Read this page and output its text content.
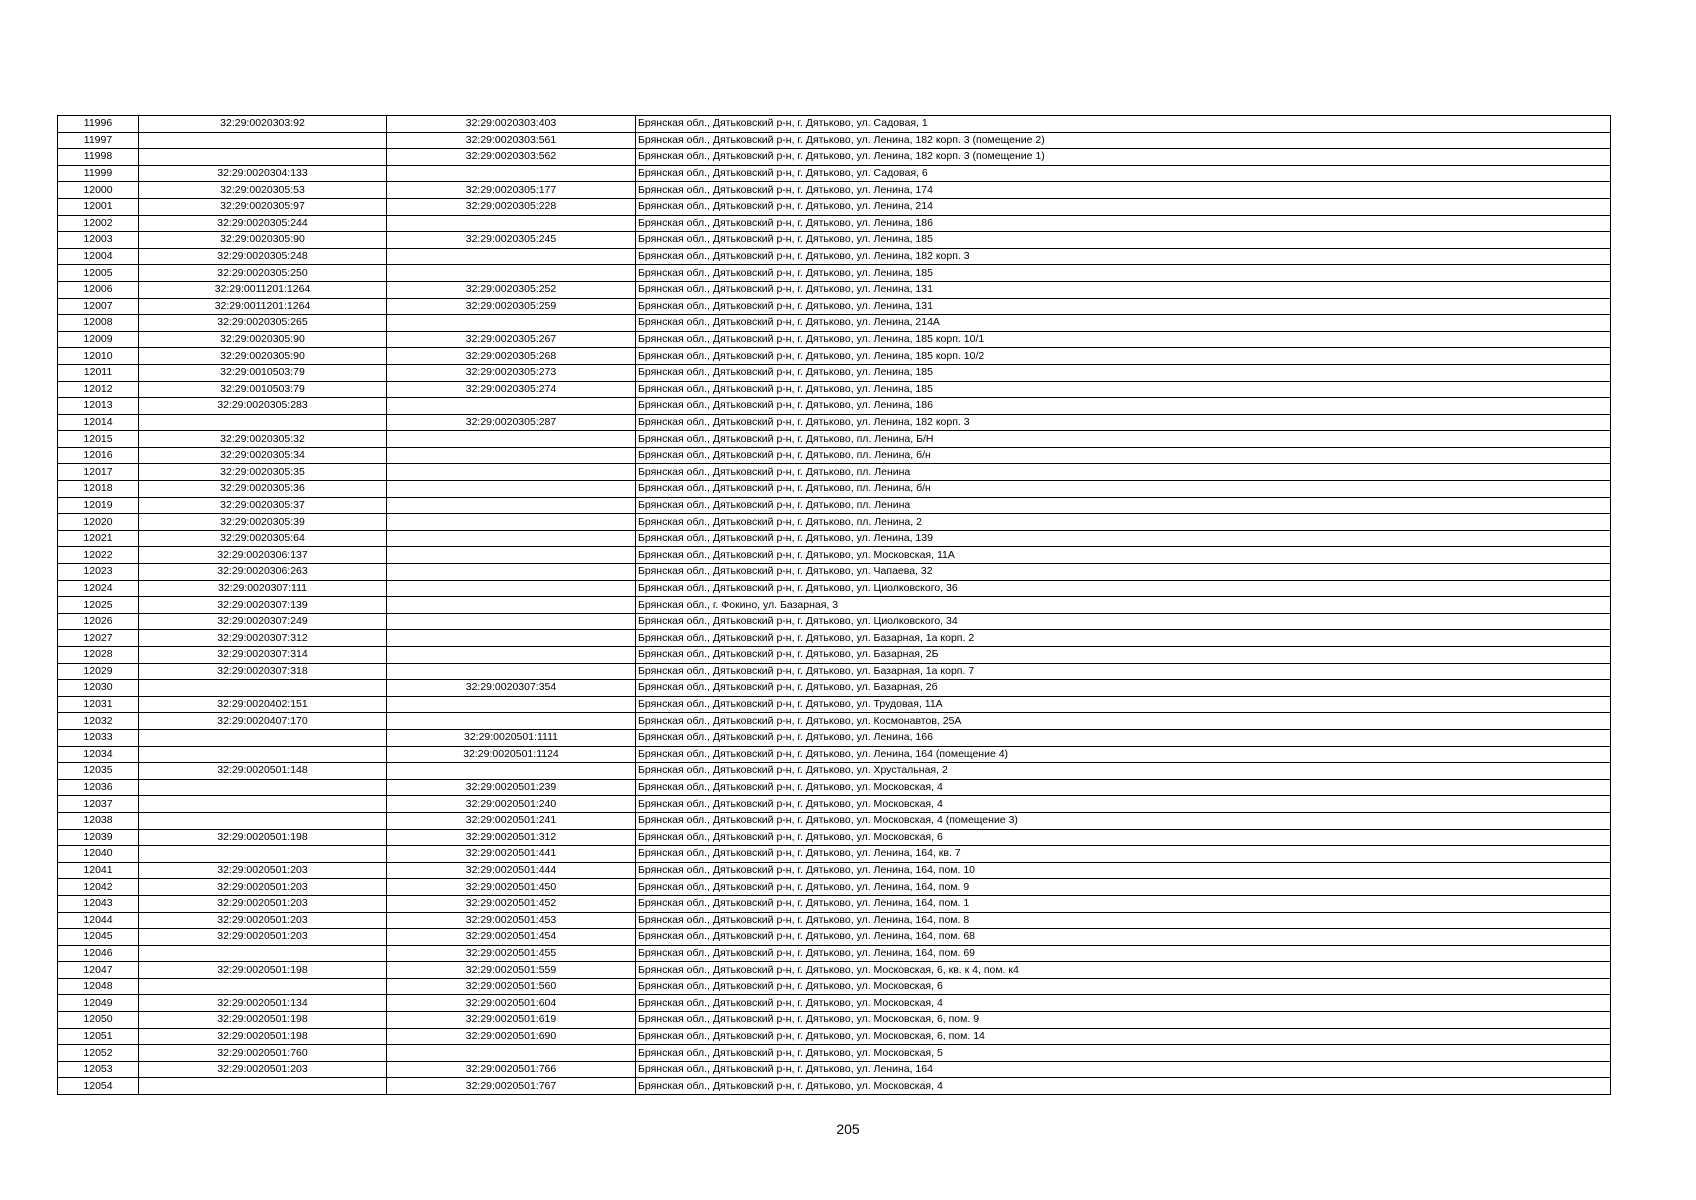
11996	32:29:0020303:92	32:29:0020303:403	Брянская обл., Дятьковский р-н, г. Дятьково, ул. Садовая, 1
11997		32:29:0020303:561	Брянская обл., Дятьковский р-н, г. Дятьково, ул. Ленина, 182 корп. 3 (помещение 2)
11998		32:29:0020303:562	Брянская обл., Дятьковский р-н, г. Дятьково, ул. Ленина, 182 корп. 3 (помещение 1)
11999	32:29:0020304:133		Брянская обл., Дятьковский р-н, г. Дятьково, ул. Садовая, 6
12000	32:29:0020305:53	32:29:0020305:177	Брянская обл., Дятьковский р-н, г. Дятьково, ул. Ленина, 174
12001	32:29:0020305:97	32:29:0020305:228	Брянская обл., Дятьковский р-н, г. Дятьково, ул. Ленина, 214
12002	32:29:0020305:244		Брянская обл., Дятьковский р-н, г. Дятьково, ул. Ленина, 186
12003	32:29:0020305:90	32:29:0020305:245	Брянская обл., Дятьковский р-н, г. Дятьково, ул. Ленина, 185
12004	32:29:0020305:248		Брянская обл., Дятьковский р-н, г. Дятьково, ул. Ленина, 182 корп. 3
12005	32:29:0020305:250		Брянская обл., Дятьковский р-н, г. Дятьково, ул. Ленина, 185
12006	32:29:0011201:1264	32:29:0020305:252	Брянская обл., Дятьковский р-н, г. Дятьково, ул. Ленина, 131
12007	32:29:0011201:1264	32:29:0020305:259	Брянская обл., Дятьковский р-н, г. Дятьково, ул. Ленина, 131
12008	32:29:0020305:265		Брянская обл., Дятьковский р-н, г. Дятьково, ул. Ленина, 214А
12009	32:29:0020305:90	32:29:0020305:267	Брянская обл., Дятьковский р-н, г. Дятьково, ул. Ленина, 185 корп. 10/1
12010	32:29:0020305:90	32:29:0020305:268	Брянская обл., Дятьковский р-н, г. Дятьково, ул. Ленина, 185 корп. 10/2
12011	32:29:0010503:79	32:29:0020305:273	Брянская обл., Дятьковский р-н, г. Дятьково, ул. Ленина, 185
12012	32:29:0010503:79	32:29:0020305:274	Брянская обл., Дятьковский р-н, г. Дятьково, ул. Ленина, 185
12013	32:29:0020305:283		Брянская обл., Дятьковский р-н, г. Дятьково, ул. Ленина, 186
12014		32:29:0020305:287	Брянская обл., Дятьковский р-н, г. Дятьково, ул. Ленина, 182 корп. 3
12015	32:29:0020305:32		Брянская обл., Дятьковский р-н, г. Дятьково, пл. Ленина, Б/Н
12016	32:29:0020305:34		Брянская обл., Дятьковский р-н, г. Дятьково, пл. Ленина, б/н
12017	32:29:0020305:35		Брянская обл., Дятьковский р-н, г. Дятьково, пл. Ленина
12018	32:29:0020305:36		Брянская обл., Дятьковский р-н, г. Дятьково, пл. Ленина, б/н
12019	32:29:0020305:37		Брянская обл., Дятьковский р-н, г. Дятьково, пл. Ленина
12020	32:29:0020305:39		Брянская обл., Дятьковский р-н, г. Дятьково, пл. Ленина, 2
12021	32:29:0020305:64		Брянская обл., Дятьковский р-н, г. Дятьково, ул. Ленина, 139
12022	32:29:0020306:137		Брянская обл., Дятьковский р-н, г. Дятьково, ул. Московская, 11А
12023	32:29:0020306:263		Брянская обл., Дятьковский р-н, г. Дятьково, ул. Чапаева, 32
12024	32:29:0020307:111		Брянская обл., Дятьковский р-н, г. Дятьково, ул. Циолковского, 36
12025	32:29:0020307:139		Брянская обл., г. Фокино, ул. Базарная, 3
12026	32:29:0020307:249		Брянская обл., Дятьковский р-н, г. Дятьково, ул. Циолковского, 34
12027	32:29:0020307:312		Брянская обл., Дятьковский р-н, г. Дятьково, ул. Базарная, 1а корп. 2
12028	32:29:0020307:314		Брянская обл., Дятьковский р-н, г. Дятьково, ул. Базарная, 2Б
12029	32:29:0020307:318		Брянская обл., Дятьковский р-н, г. Дятьково, ул. Базарная, 1а корп. 7
12030		32:29:0020307:354	Брянская обл., Дятьковский р-н, г. Дятьково, ул. Базарная, 2б
12031	32:29:0020402:151		Брянская обл., Дятьковский р-н, г. Дятьково, ул. Трудовая, 11А
12032	32:29:0020407:170		Брянская обл., Дятьковский р-н, г. Дятьково, ул. Космонавтов, 25А
12033		32:29:0020501:1111	Брянская обл., Дятьковский р-н, г. Дятьково, ул. Ленина, 166
12034		32:29:0020501:1124	Брянская обл., Дятьковский р-н, г. Дятьково, ул. Ленина, 164 (помещение 4)
12035	32:29:0020501:148		Брянская обл., Дятьковский р-н, г. Дятьково, ул. Хрустальная, 2
12036		32:29:0020501:239	Брянская обл., Дятьковский р-н, г. Дятьково, ул. Московская, 4
12037		32:29:0020501:240	Брянская обл., Дятьковский р-н, г. Дятьково, ул. Московская, 4
12038		32:29:0020501:241	Брянская обл., Дятьковский р-н, г. Дятьково, ул. Московская, 4 (помещение 3)
12039	32:29:0020501:198	32:29:0020501:312	Брянская обл., Дятьковский р-н, г. Дятьково, ул. Московская, 6
12040		32:29:0020501:441	Брянская обл., Дятьковский р-н, г. Дятьково, ул. Ленина, 164, кв. 7
12041	32:29:0020501:203	32:29:0020501:444	Брянская обл., Дятьковский р-н, г. Дятьково, ул. Ленина, 164, пом. 10
12042	32:29:0020501:203	32:29:0020501:450	Брянская обл., Дятьковский р-н, г. Дятьково, ул. Ленина, 164, пом. 9
12043	32:29:0020501:203	32:29:0020501:452	Брянская обл., Дятьковский р-н, г. Дятьково, ул. Ленина, 164, пом. 1
12044	32:29:0020501:203	32:29:0020501:453	Брянская обл., Дятьковский р-н, г. Дятьково, ул. Ленина, 164, пом. 8
12045	32:29:0020501:203	32:29:0020501:454	Брянская обл., Дятьковский р-н, г. Дятьково, ул. Ленина, 164, пом. 68
12046		32:29:0020501:455	Брянская обл., Дятьковский р-н, г. Дятьково, ул. Ленина, 164, пом. 69
12047	32:29:0020501:198	32:29:0020501:559	Брянская обл., Дятьковский р-н, г. Дятьково, ул. Московская, 6, кв. к 4, пом. к4
12048		32:29:0020501:560	Брянская обл., Дятьковский р-н, г. Дятьково, ул. Московская, 6
12049	32:29:0020501:134	32:29:0020501:604	Брянская обл., Дятьковский р-н, г. Дятьково, ул. Московская, 4
12050	32:29:0020501:198	32:29:0020501:619	Брянская обл., Дятьковский р-н, г. Дятьково, ул. Московская, 6, пом. 9
12051	32:29:0020501:198	32:29:0020501:690	Брянская обл., Дятьковский р-н, г. Дятьково, ул. Московская, 6, пом. 14
12052	32:29:0020501:760		Брянская обл., Дятьковский р-н, г. Дятьково, ул. Московская, 5
12053	32:29:0020501:203	32:29:0020501:766	Брянская обл., Дятьковский р-н, г. Дятьково, ул. Ленина, 164
12054		32:29:0020501:767	Брянская обл., Дятьковский р-н, г. Дятьково, ул. Московская, 4
205
